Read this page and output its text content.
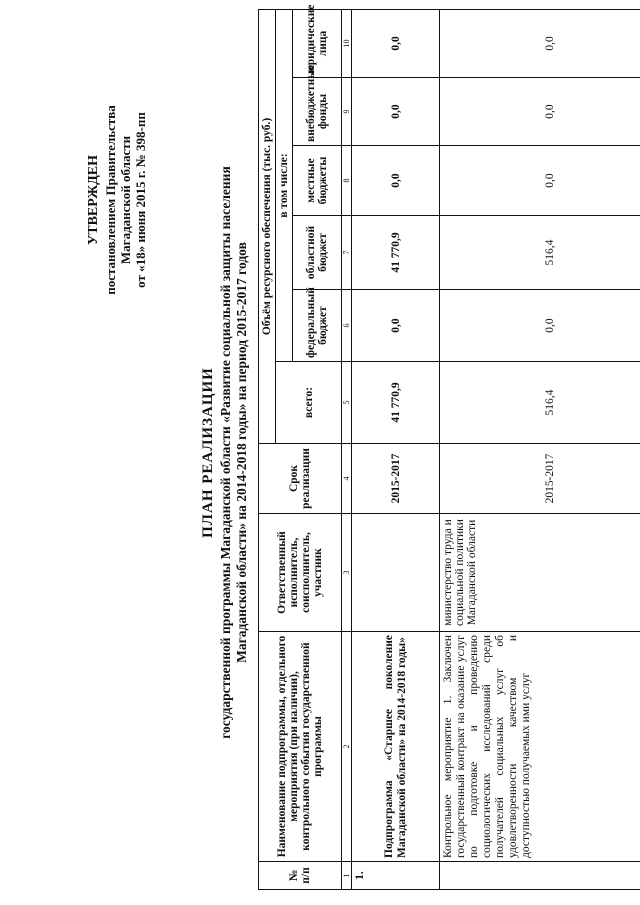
УТВЕРЖДЕН постановлением Правительства Магаданской области от «18» июня 2015 г. № 398-пп
ПЛАН РЕАЛИЗАЦИИ государственной программы Магаданской области «Развитие социальной защиты населения Магаданской области» на 2014-2018 годы» на период 2015-2017 годов
№ п/п	Наименование подпрограммы, отдельного мероприятия (при наличии), контрольного события государственной программы	Ответственный исполнитель, соисполнитель, участник	Срок реализации	Объём ресурсного обеспечения (тыс. руб.)					
				всего:	в том числе:				
					федеральный бюджет	областной бюджет	местные бюджеты	внебюджетные фонды	юридические лица
1	2	3	4	5	6	7	8	9	10
1.	Подпрограмма «Старшее поколение Магаданской области» на 2014-2018 годы»		2015-2017	41 770,9	0,0	41 770,9	0,0	0,0	0,0
	Контрольное мероприятие 1. Заключен государственный контракт на оказание услуг по подготовке и проведению социологических исследований среди получателей социальных услуг об удовлетворенности качеством и доступностью получаемых ими услуг	министерство труда и социальной политики Магаданской области	2015-2017	516,4	0,0	516,4	0,0	0,0	0,0
